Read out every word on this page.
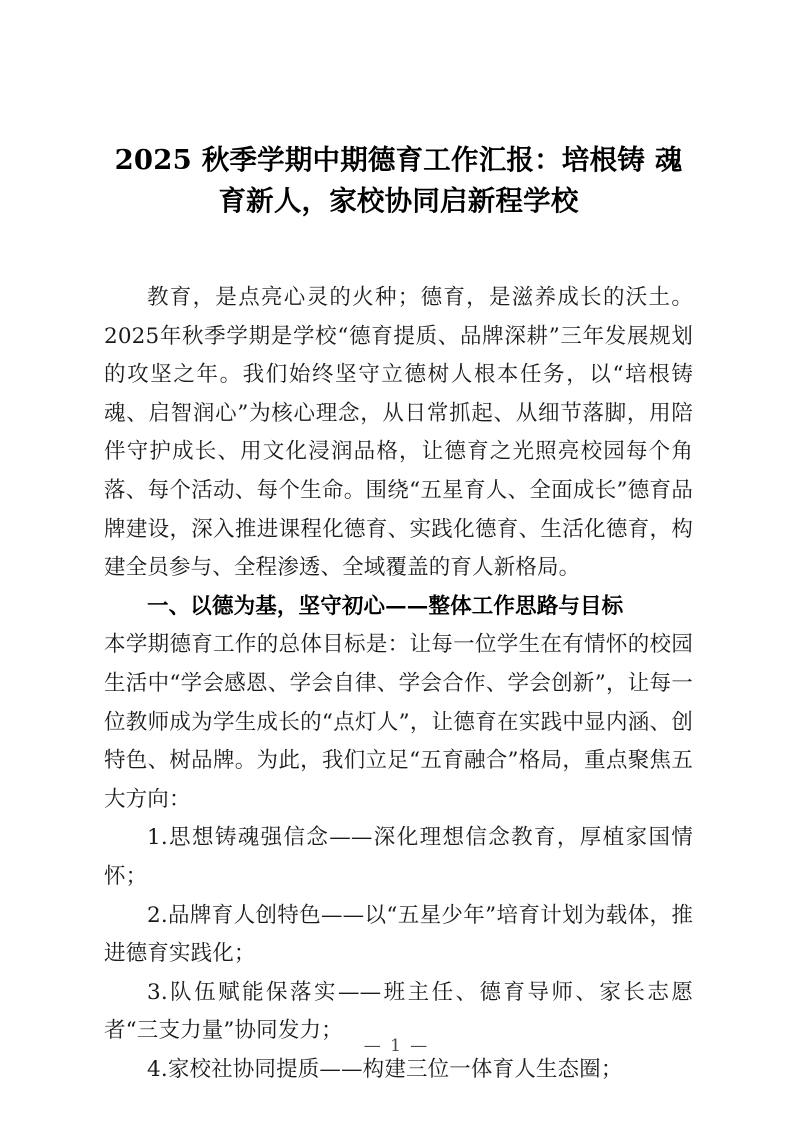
2025 秋季学期中期德育工作汇报：培根铸 魂育新人，家校协同启新程学校

教育，是点亮心灵的火种；德育，是滋养成长的沃土。2025年秋季学期是学校“德育提质、品牌深耕”三年发展规划的攻坚之年。我们始终坚守立德树人根本任务，以“培根铸魂、启智润心”为核心理念，从日常抓起、从细节落脚，用陪伴守护成长、用文化浸润品格，让德育之光照亮校园每个角落、每个活动、每个生命。围绕“五星育人、全面成长”德育品牌建设，深入推进课程化德育、实践化德育、生活化德育，构建全员参与、全程渗透、全域覆盖的育人新格局。

一、以德为基，坚守初心——整体工作思路与目标

本学期德育工作的总体目标是：让每一位学生在有情怀的校园生活中“学会感恩、学会自律、学会合作、学会创新”，让每一位教师成为学生成长的“点灯人”，让德育在实践中显内涵、创特色、树品牌。为此，我们立足“五育融合”格局，重点聚焦五大方向：

1.思想铸魂强信念——深化理想信念教育，厚植家国情怀；

2.品牌育人创特色——以“五星少年”培育计划为载体，推进德育实践化；

3.队伍赋能保落实——班主任、德育导师、家长志愿者“三支力量”协同发力；

4.家校社协同提质——构建三位一体育人生态圈；

— 1 —
